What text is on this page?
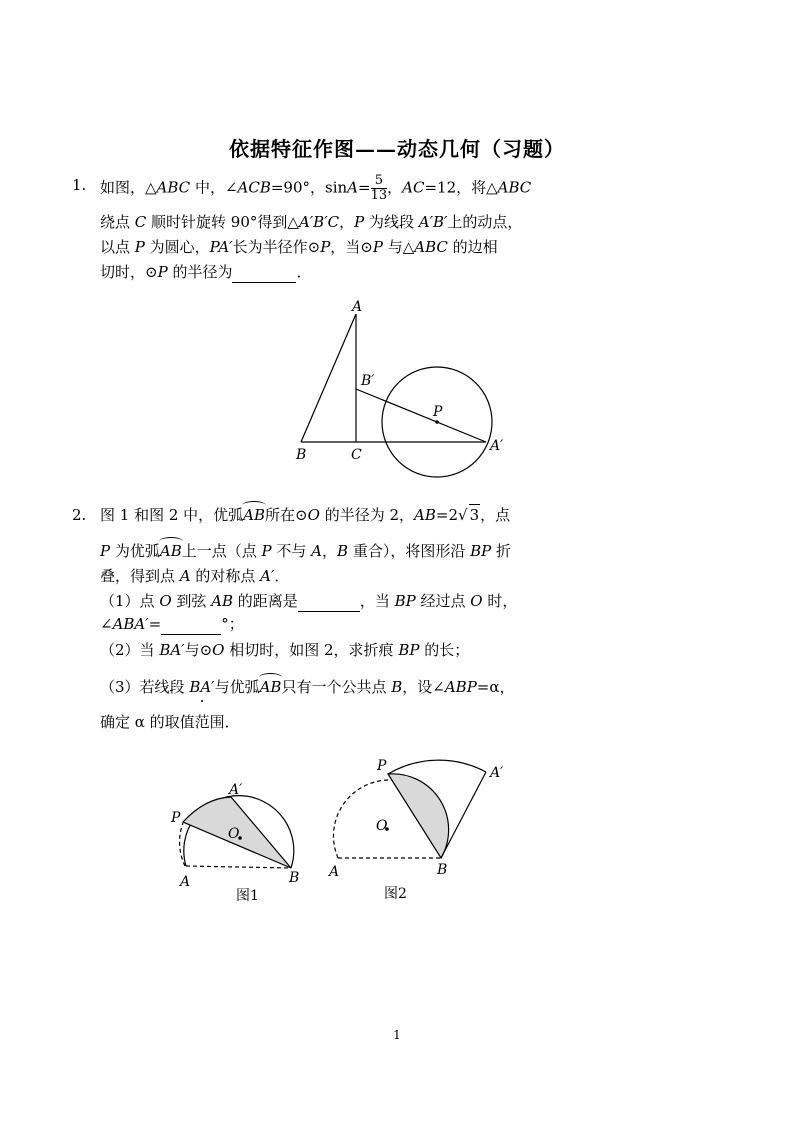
依据特征作图——动态几何（习题）
1. 如图，△ABC 中，∠ACB=90°，$\sin A= \frac{5}{13}$ ，AC=12，将△ABC
绕点 C 顺时针旋转 90°得到△A′B′C，P 为线段 A′B′上的动点，
以点 P 为圆心，PA′长为半径作⊙P，当⊙P 与△ABC 的边相
切时，⊙P 的半径为	．
A
B	C
B′
P
A′
2. 图 1 和图 2 中，优弧AB所在⊙O 的半径为 2，AB=2√ 3，点
P 为优弧AB上一点（点 P 不与 A，B 重合），将图形沿 BP 折
叠，得到点 A 的对称点 A′．
（1）点 O 到弦 AB 的距离是	，当 BP 经过点 O 时，
∠ABA′=	°；
（2）当 BA′与⊙O 相切时，如图 2，求折痕 BP 的长；
（3）若线段 BA′与优弧AB只有一个公共点 B，设∠ABP=α，
确定 α 的取值范围．
P
A′
O
A	B
图1
P	A′
O
A	B
图2
1
